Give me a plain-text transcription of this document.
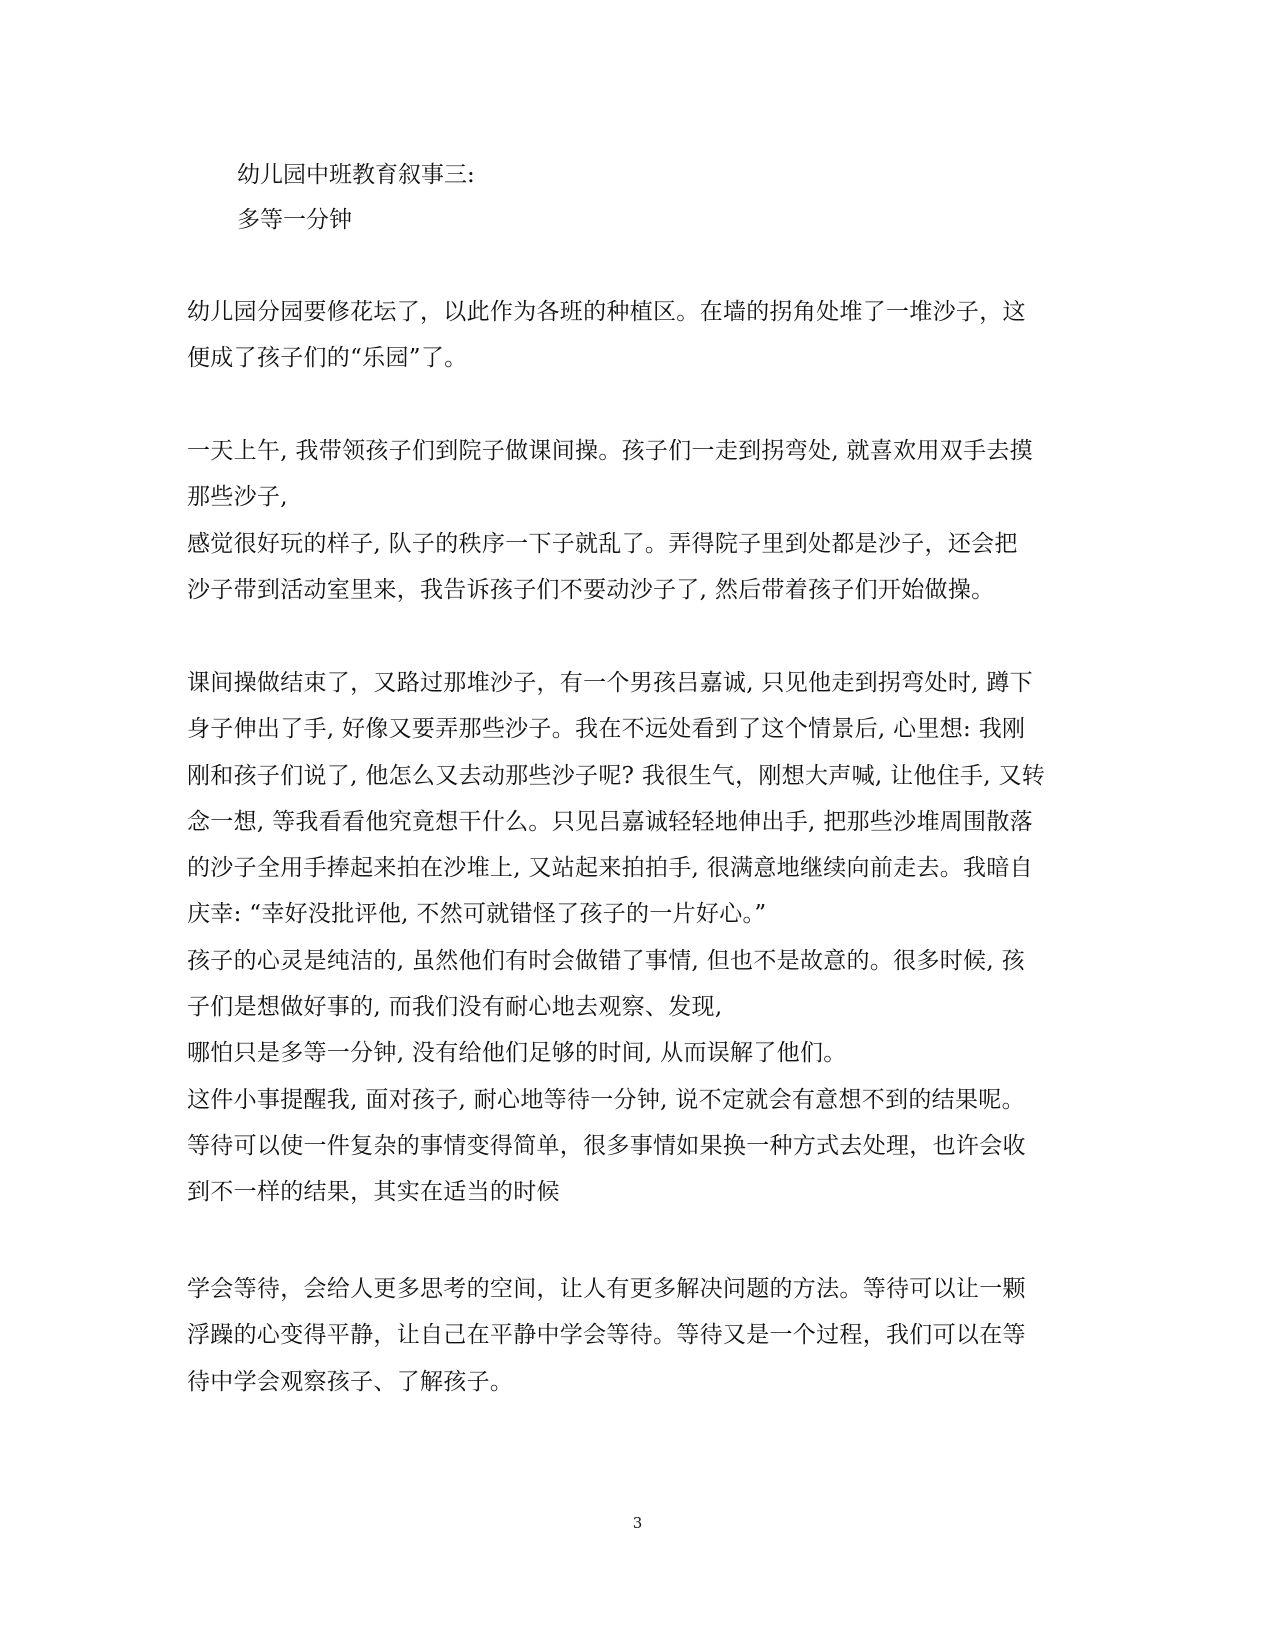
幼儿园中班教育叙事三:
多等一分钟

幼儿园分园要修花坛了，以此作为各班的种植区。在墙的拐角处堆了一堆沙子，这
便成了孩子们的“乐园”了。

一天上午, 我带领孩子们到院子做课间操。孩子们一走到拐弯处, 就喜欢用双手去摸
那些沙子,
感觉很好玩的样子, 队子的秩序一下子就乱了。弄得院子里到处都是沙子，还会把
沙子带到活动室里来，我告诉孩子们不要动沙子了, 然后带着孩子们开始做操。

课间操做结束了，又路过那堆沙子，有一个男孩吕嘉诚, 只见他走到拐弯处时, 蹲下
身子伸出了手, 好像又要弄那些沙子。我在不远处看到了这个情景后, 心里想: 我刚
刚和孩子们说了, 他怎么又去动那些沙子呢? 我很生气，刚想大声喊, 让他住手, 又转
念一想, 等我看看他究竟想干什么。只见吕嘉诚轻轻地伸出手, 把那些沙堆周围散落
的沙子全用手捧起来拍在沙堆上, 又站起来拍拍手, 很满意地继续向前走去。我暗自
庆幸: “幸好没批评他, 不然可就错怪了孩子的一片好心。”
孩子的心灵是纯洁的, 虽然他们有时会做错了事情, 但也不是故意的。很多时候, 孩
子们是想做好事的, 而我们没有耐心地去观察、发现,
哪怕只是多等一分钟, 没有给他们足够的时间, 从而误解了他们。
这件小事提醒我, 面对孩子, 耐心地等待一分钟, 说不定就会有意想不到的结果呢。
等待可以使一件复杂的事情变得简单，很多事情如果换一种方式去处理，也许会收
到不一样的结果，其实在适当的时候

学会等待，会给人更多思考的空间，让人有更多解决问题的方法。等待可以让一颗
浮躁的心变得平静，让自己在平静中学会等待。等待又是一个过程，我们可以在等
待中学会观察孩子、了解孩子。

3
